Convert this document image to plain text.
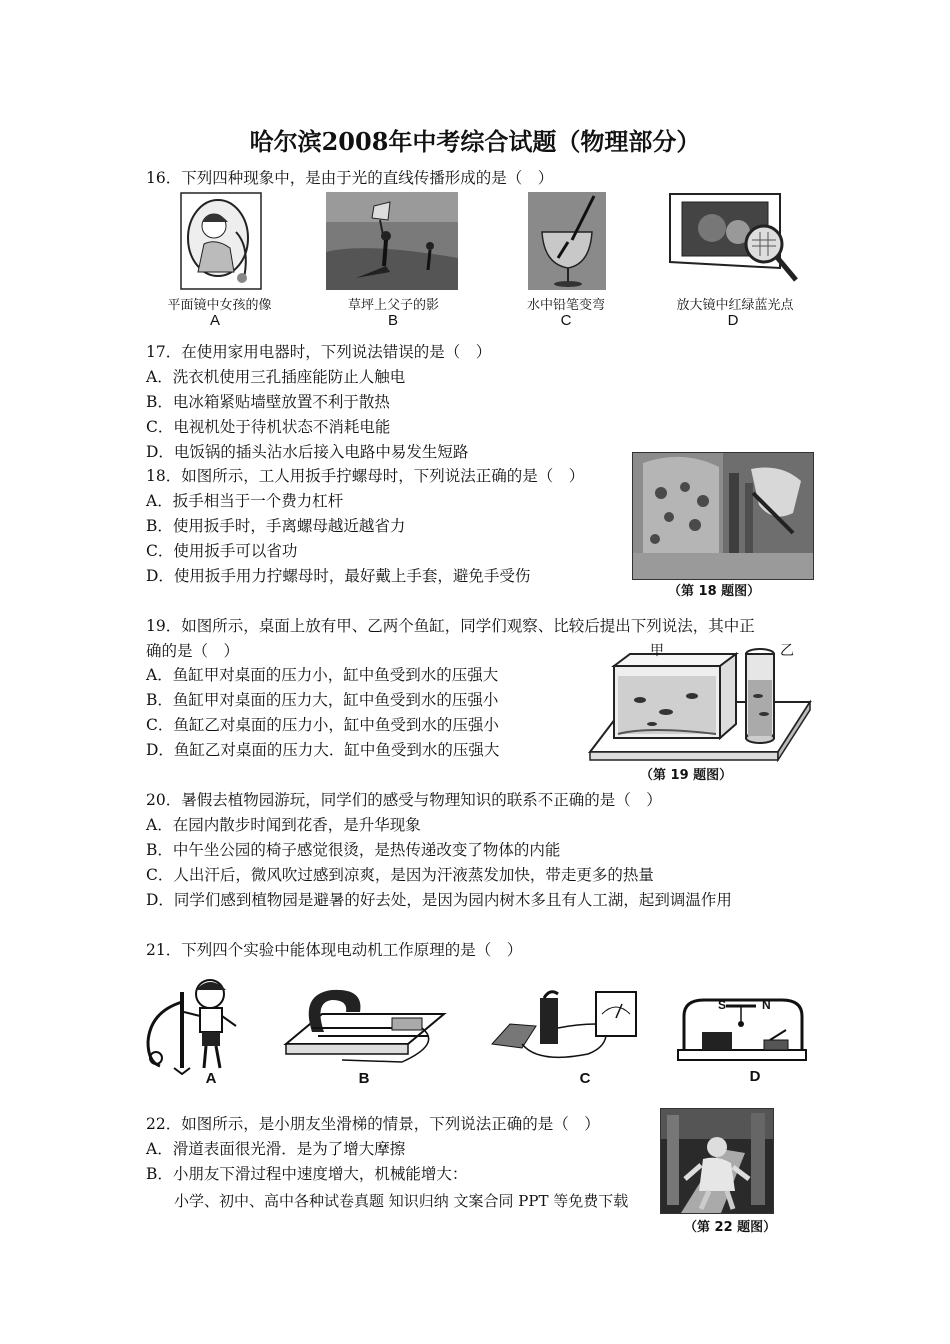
哈尔滨2008年中考综合试题（物理部分）
16．下列四种现象中，是由于光的直线传播形成的是（　）
平面镜中女孩的像
A
草坪上父子的影
B
水中铅笔变弯
C
放大镜中红绿蓝光点
D
17．在使用家用电器时，下列说法错误的是（　）
A．洗衣机使用三孔插座能防止人触电
B．电冰箱紧贴墙壁放置不利于散热
C．电视机处于待机状态不消耗电能
D．电饭锅的插头沾水后接入电路中易发生短路
18．如图所示，工人用扳手拧螺母时，下列说法正确的是（　）
A．扳手相当于一个费力杠杆
B．使用扳手时，手离螺母越近越省力
C．使用扳手可以省功
D．使用扳手用力拧螺母时，最好戴上手套，避免手受伤
（第 18 题图）
19．如图所示，桌面上放有甲、乙两个鱼缸，同学们观察、比较后提出下列说法，其中正
确的是（　）
A．鱼缸甲对桌面的压力小，缸中鱼受到水的压强大
B．鱼缸甲对桌面的压力大，缸中鱼受到水的压强小
C．鱼缸乙对桌面的压力小，缸中鱼受到水的压强小
D．鱼缸乙对桌面的压力大．缸中鱼受到水的压强大
甲	乙
（第 19 题图）
20．暑假去植物园游玩，同学们的感受与物理知识的联系不正确的是（　）
A．在园内散步时闻到花香，是升华现象
B．中午坐公园的椅子感觉很烫，是热传递改变了物体的内能
C．人出汗后，微风吹过感到凉爽，是因为汗液蒸发加快，带走更多的热量
D．同学们感到植物园是避暑的好去处，是因为园内树木多且有人工湖，起到调温作用
21．下列四个实验中能体现电动机工作原理的是（　）
A	B	C
S	N
D
22．如图所示，是小朋友坐滑梯的情景，下列说法正确的是（　）
A．滑道表面很光滑．是为了增大摩擦
B．小朋友下滑过程中速度增大，机械能增大：
（第 22 题图）
小学、初中、高中各种试卷真题 知识归纳 文案合同 PPT 等免费下载
